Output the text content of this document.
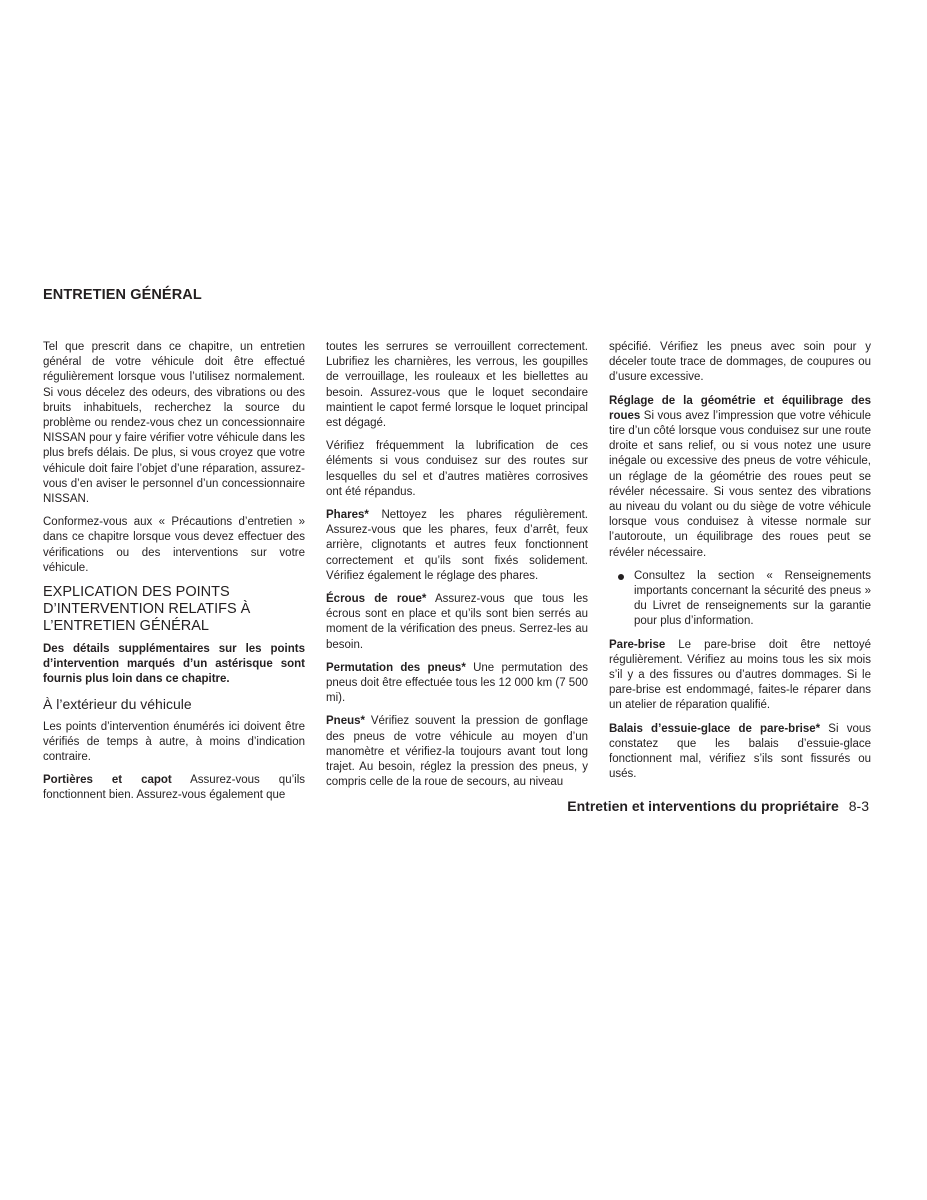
ENTRETIEN GÉNÉRAL

Tel que prescrit dans ce chapitre, un entretien général de votre véhicule doit être effectué régulièrement lorsque vous l’utilisez normalement. Si vous décelez des odeurs, des vibrations ou des bruits inhabituels, recherchez la source du problème ou rendez-vous chez un concessionnaire NISSAN pour y faire vérifier votre véhicule dans les plus brefs délais. De plus, si vous croyez que votre véhicule doit faire l’objet d’une réparation, assurez-vous d’en aviser le personnel d’un concessionnaire NISSAN.

Conformez-vous aux « Précautions d’entretien » dans ce chapitre lorsque vous devez effectuer des vérifications ou des interventions sur votre véhicule.

EXPLICATION DES POINTS D’INTERVENTION RELATIFS À L’ENTRETIEN GÉNÉRAL

Des détails supplémentaires sur les points d’intervention marqués d’un astérisque sont fournis plus loin dans ce chapitre.

À l’extérieur du véhicule

Les points d’intervention énumérés ici doivent être vérifiés de temps à autre, à moins d’indication contraire.

Portières et capot Assurez-vous qu’ils fonctionnent bien. Assurez-vous également que

toutes les serrures se verrouillent correctement. Lubrifiez les charnières, les verrous, les goupilles de verrouillage, les rouleaux et les biellettes au besoin. Assurez-vous que le loquet secondaire maintient le capot fermé lorsque le loquet principal est dégagé.

Vérifiez fréquemment la lubrification de ces éléments si vous conduisez sur des routes sur lesquelles du sel et d’autres matières corrosives ont été répandus.

Phares* Nettoyez les phares régulièrement. Assurez-vous que les phares, feux d’arrêt, feux arrière, clignotants et autres feux fonctionnent correctement et qu’ils sont fixés solidement. Vérifiez également le réglage des phares.

Écrous de roue* Assurez-vous que tous les écrous sont en place et qu’ils sont bien serrés au moment de la vérification des pneus. Serrez-les au besoin.

Permutation des pneus* Une permutation des pneus doit être effectuée tous les 12 000 km (7 500 mi).

Pneus* Vérifiez souvent la pression de gonflage des pneus de votre véhicule au moyen d’un manomètre et vérifiez-la toujours avant tout long trajet. Au besoin, réglez la pression des pneus, y compris celle de la roue de secours, au niveau

spécifié. Vérifiez les pneus avec soin pour y déceler toute trace de dommages, de coupures ou d’usure excessive.

Réglage de la géométrie et équilibrage des roues Si vous avez l’impression que votre véhicule tire d’un côté lorsque vous conduisez sur une route droite et sans relief, ou si vous notez une usure inégale ou excessive des pneus de votre véhicule, un réglage de la géométrie des roues peut se révéler nécessaire. Si vous sentez des vibrations au niveau du volant ou du siège de votre véhicule lorsque vous conduisez à vitesse normale sur l’autoroute, un équilibrage des roues peut se révéler nécessaire.

Consultez la section « Renseignements importants concernant la sécurité des pneus » du Livret de renseignements sur la garantie pour plus d’information.

Pare-brise Le pare-brise doit être nettoyé régulièrement. Vérifiez au moins tous les six mois s’il y a des fissures ou d’autres dommages. Si le pare-brise est endommagé, faites-le réparer dans un atelier de réparation qualifié.

Balais d’essuie-glace de pare-brise* Si vous constatez que les balais d’essuie-glace fonctionnent mal, vérifiez s’ils sont fissurés ou usés.

Entretien et interventions du propriétaire 8-3
